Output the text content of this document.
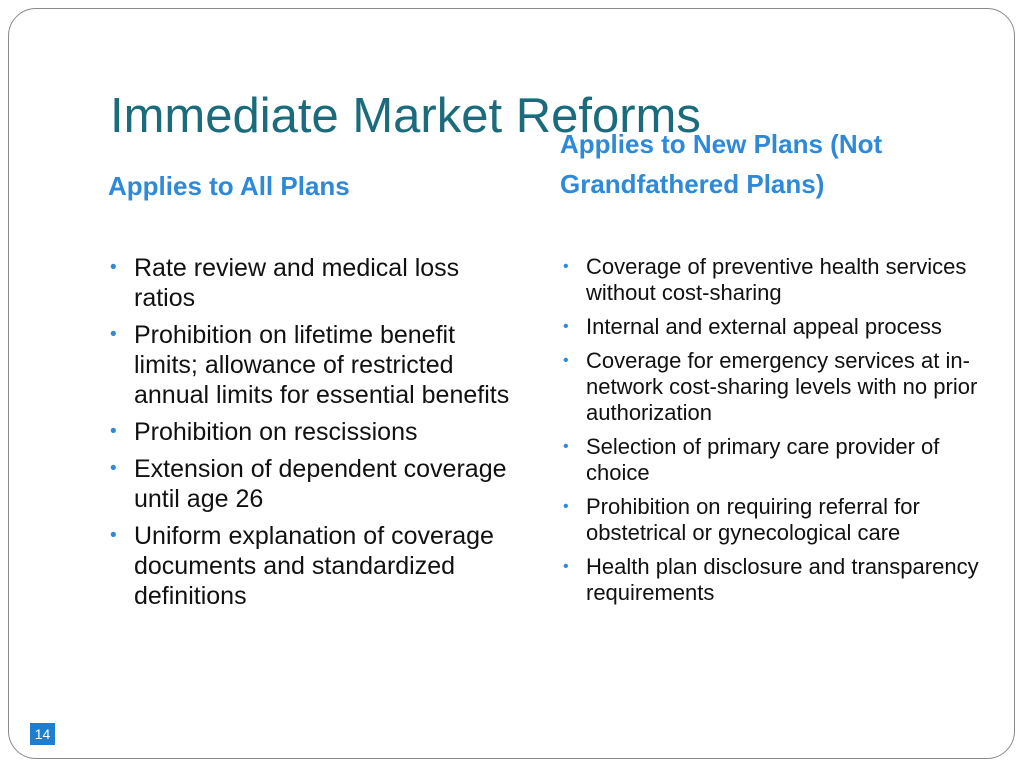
Immediate Market Reforms
Applies to All Plans
Applies to New Plans (Not Grandfathered Plans)
• Rate review and medical loss ratios
• Prohibition on lifetime benefit limits; allowance of restricted annual limits for essential benefits
• Prohibition on rescissions
• Extension of dependent coverage until age 26
• Uniform explanation of coverage documents and standardized definitions
• Coverage of preventive health services without cost-sharing
• Internal and external appeal process
• Coverage for emergency services at in-network cost-sharing levels with no prior authorization
• Selection of primary care provider of choice
• Prohibition on requiring referral for obstetrical or gynecological care
• Health plan disclosure and transparency requirements
14
